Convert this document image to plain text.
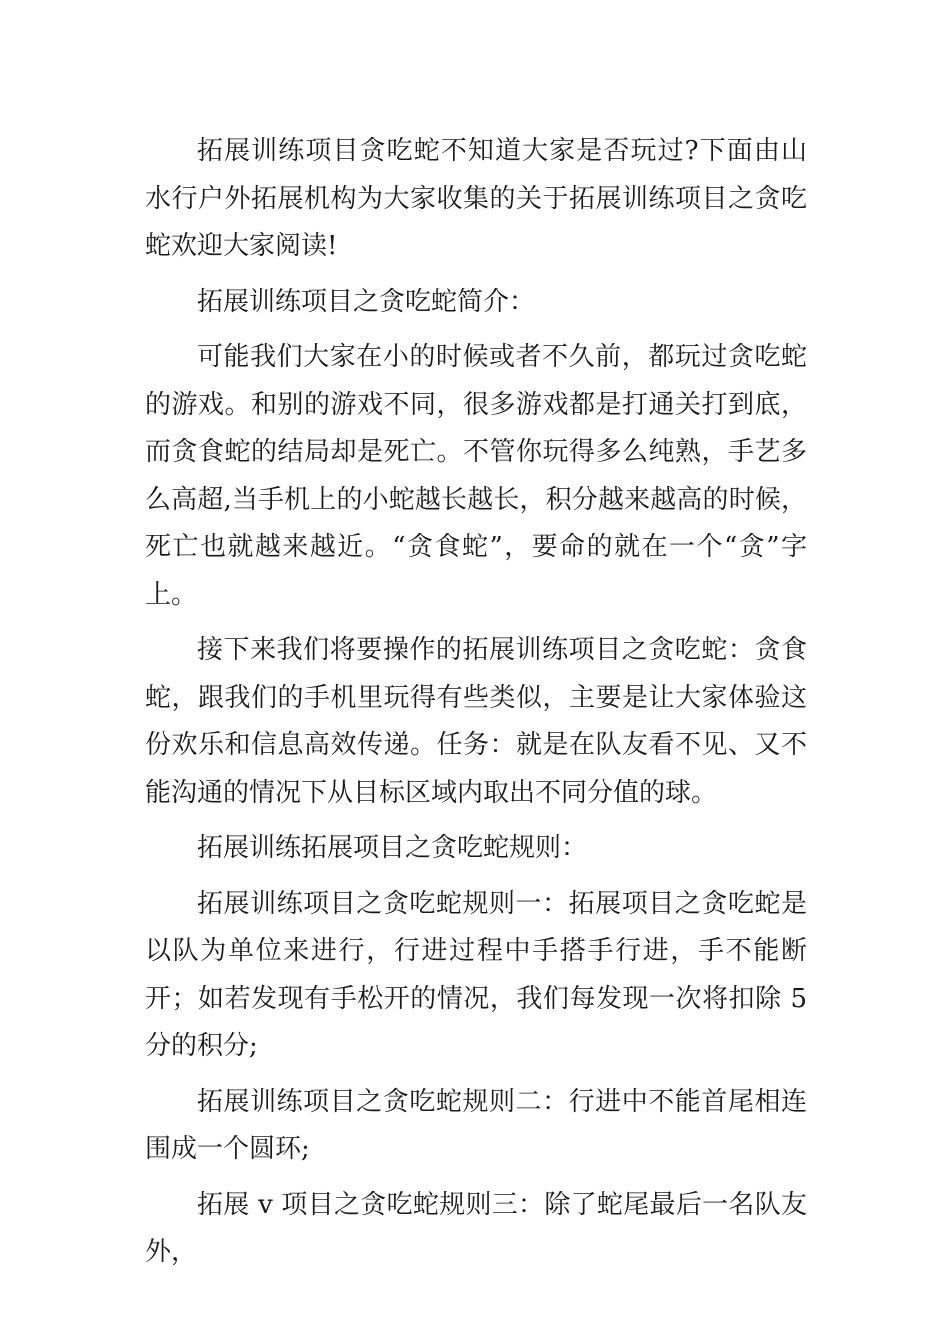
拓展训练项目贪吃蛇不知道大家是否玩过?下面由山水行户外拓展机构为大家收集的关于拓展训练项目之贪吃蛇欢迎大家阅读!

拓展训练项目之贪吃蛇简介：

可能我们大家在小的时候或者不久前，都玩过贪吃蛇的游戏。和别的游戏不同，很多游戏都是打通关打到底，而贪食蛇的结局却是死亡。不管你玩得多么纯熟，手艺多么高超,当手机上的小蛇越长越长，积分越来越高的时候，死亡也就越来越近。“贪食蛇”，要命的就在一个“贪”字上。

接下来我们将要操作的拓展训练项目之贪吃蛇：贪食蛇，跟我们的手机里玩得有些类似，主要是让大家体验这份欢乐和信息高效传递。任务：就是在队友看不见、又不能沟通的情况下从目标区域内取出不同分值的球。

拓展训练拓展项目之贪吃蛇规则：

拓展训练项目之贪吃蛇规则一：拓展项目之贪吃蛇是以队为单位来进行，行进过程中手搭手行进，手不能断开；如若发现有手松开的情况，我们每发现一次将扣除 5 分的积分;

拓展训练项目之贪吃蛇规则二：行进中不能首尾相连围成一个圆环;

拓展 v 项目之贪吃蛇规则三：除了蛇尾最后一名队友外，
